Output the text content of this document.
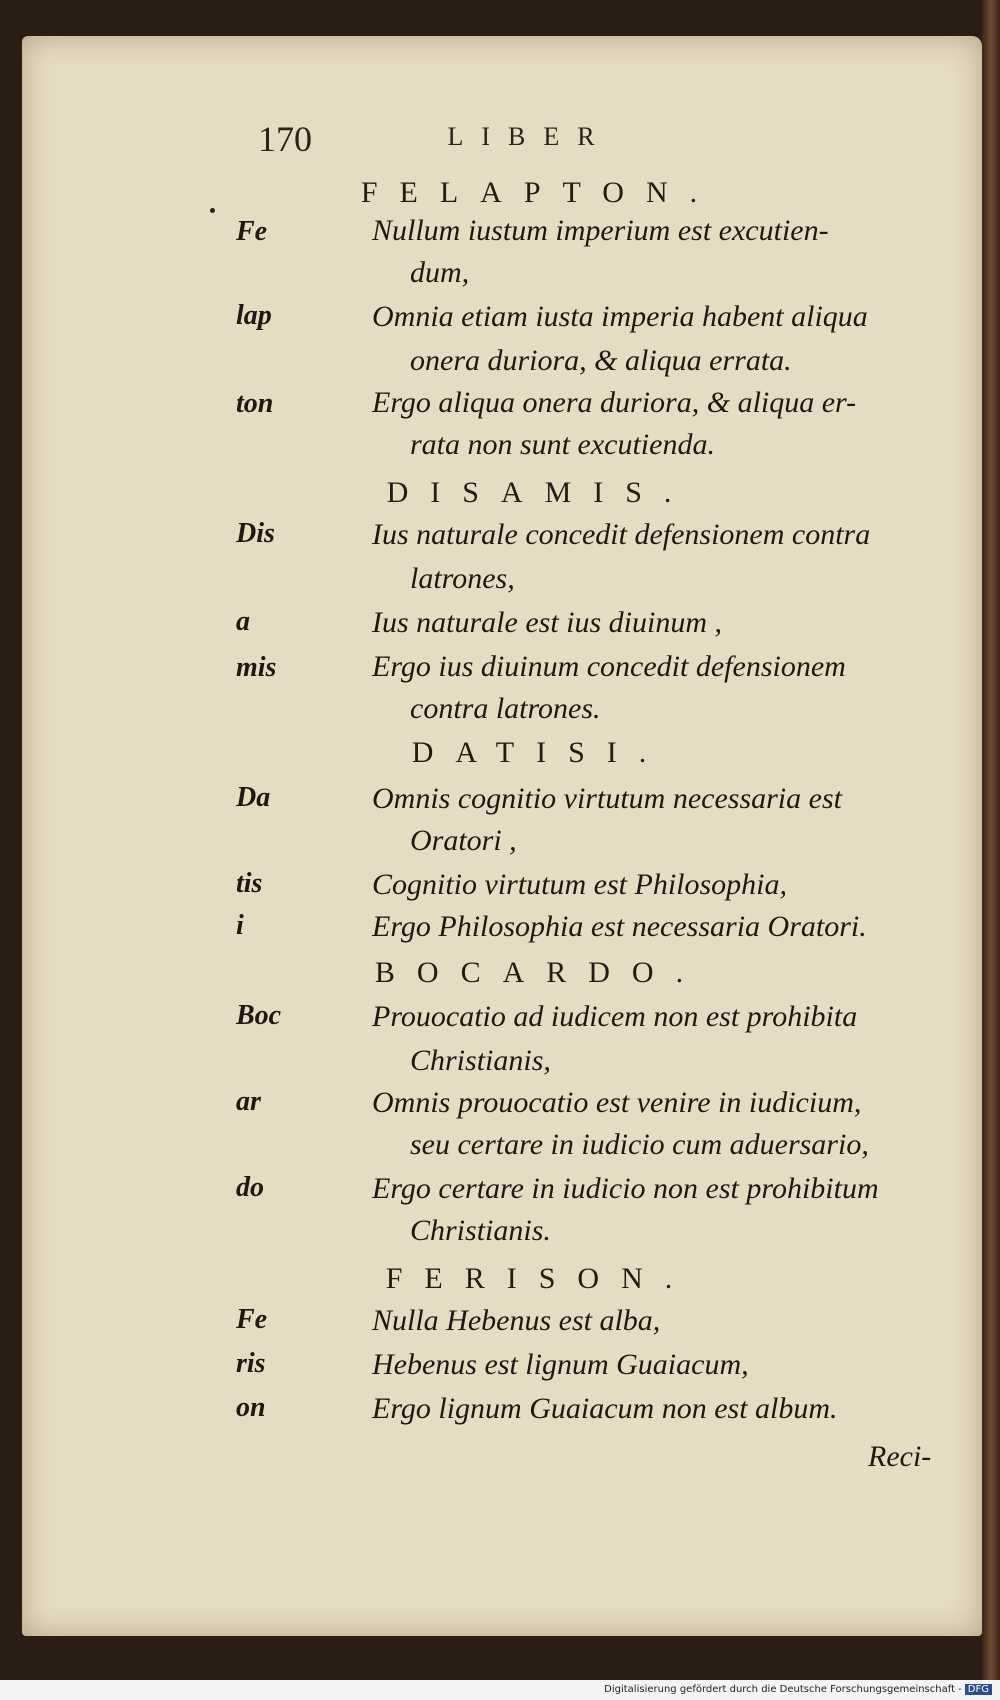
170	LIBER
FELAPTON.
Fe
lap
ton
Nullum iustum imperium est excutien-
dum,
Omnia etiam iusta imperia habent aliqua
onera duriora, & aliqua errata.
Ergo aliqua onera duriora, & aliqua er-
rata non sunt excutienda.
DISAMIS.
Dis
a
mis
Ius naturale concedit defensionem contra
latrones,
Ius naturale est ius diuinum ,
Ergo ius diuinum concedit defensionem
contra latrones.
DATISI.
Da
tis
i
Omnis cognitio virtutum necessaria est
Oratori ,
Cognitio virtutum est Philosophia,
Ergo Philosophia est necessaria Oratori.
BOCARDO.
Boc
ar
do
Prouocatio ad iudicem non est prohibita
Christianis,
Omnis prouocatio est venire in iudicium,
seu certare in iudicio cum aduersario,
Ergo certare in iudicio non est prohibitum
Christianis.
FERISON.
Fe
ris
on
Nulla Hebenus est alba,
Hebenus est lignum Guaiacum,
Ergo lignum Guaiacum non est album.
Reci-
Digitalisierung gefördert durch die Deutsche Forschungsgemeinschaft - DFG
